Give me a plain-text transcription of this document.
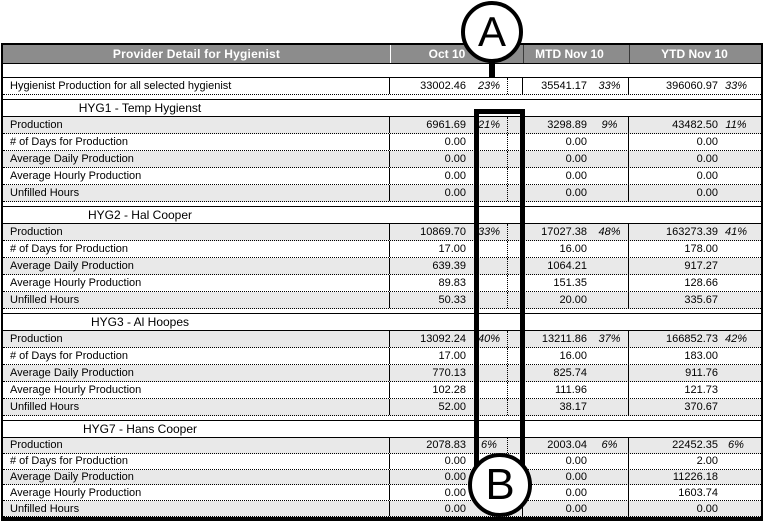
Provider Detail for Hygienist	Oct 10	MTD Nov 10	YTD Nov 10
Hygienist Production for all selected hygienist	33002.46	23%	35541.17	33%	396060.97 33%
HYG1 - Temp Hygienst
Production	6961.69	21%	3298.89	9%	43482.50 11%
# of Days for Production	0.00	0.00	0.00
Average Daily Production	0.00	0.00	0.00
Average Hourly Production	0.00	0.00	0.00
Unfilled Hours	0.00	0.00	0.00
HYG2 - Hal Cooper
Production	10869.70	33%	17027.38	48%	163273.39 41%
# of Days for Production	17.00	16.00	178.00
Average Daily Production	639.39	1064.21	917.27
Average Hourly Production	89.83	151.35	128.66
Unfilled Hours	50.33	20.00	335.67
HYG3 - Al Hoopes
Production	13092.24	40%	13211.86	37%	166852.73 42%
# of Days for Production	17.00	16.00	183.00
Average Daily Production	770.13	825.74	911.76
Average Hourly Production	102.28	111.96	121.73
Unfilled Hours	52.00	38.17	370.67
HYG7 - Hans Cooper
Production	2078.83	6%	2003.04	6%	22452.35 6%
# of Days for Production	0.00	0.00	2.00
Average Daily Production	0.00	0.00	11226.18
Average Hourly Production	0.00	0.00	1603.74
Unfilled Hours	0.00	0.00	0.00
A
B
